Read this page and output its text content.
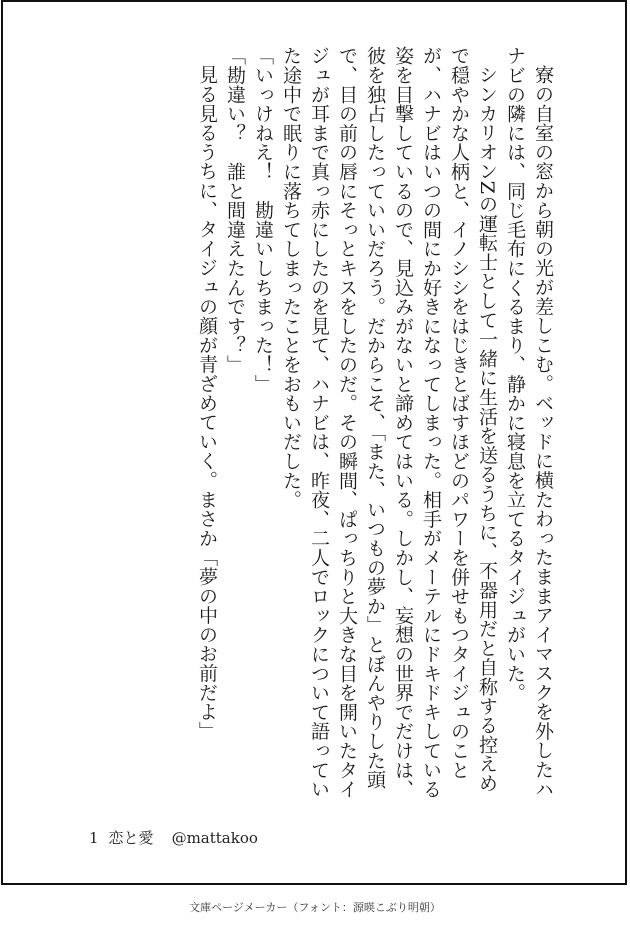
寮の自室の窓から朝の光が差しこむ。ベッドに横たわったままアイマスクを外したハナビの隣には、同じ毛布にくるまり、静かに寝息を立てるタイジュがいた。

シンカリオンZの運転士として一緒に生活を送るうちに、不器用だと自称する控えめで穏やかな人柄と、イノシシをはじきとばすほどのパワーを併せもつタイジュのことが、ハナビはいつの間にか好きになってしまった。相手がメーテルにドキドキしている姿を目撃しているので、見込みがないと諦めてはいる。しかし、妄想の世界でだけは、彼を独占したっていいだろう。だからこそ、「また、いつもの夢か」とぼんやりした頭で、目の前の唇にそっとキスをしたのだ。その瞬間、ぱっちりと大きな目を開いたタイジュが耳まで真っ赤にしたのを見て、ハナビは、昨夜、二人でロックについて語っていた途中で眠りに落ちてしまったことをおもいだした。

「いっけねえ！　勘違いしちまった！」

「勘違い？　誰と間違えたんです？」

見る見るうちに、タイジュの顔が青ざめていく。まさか「夢の中のお前だよ」

1 恋と愛 @mattakoo
文庫ページメーカー（フォント：源暎こぶり明朝）
